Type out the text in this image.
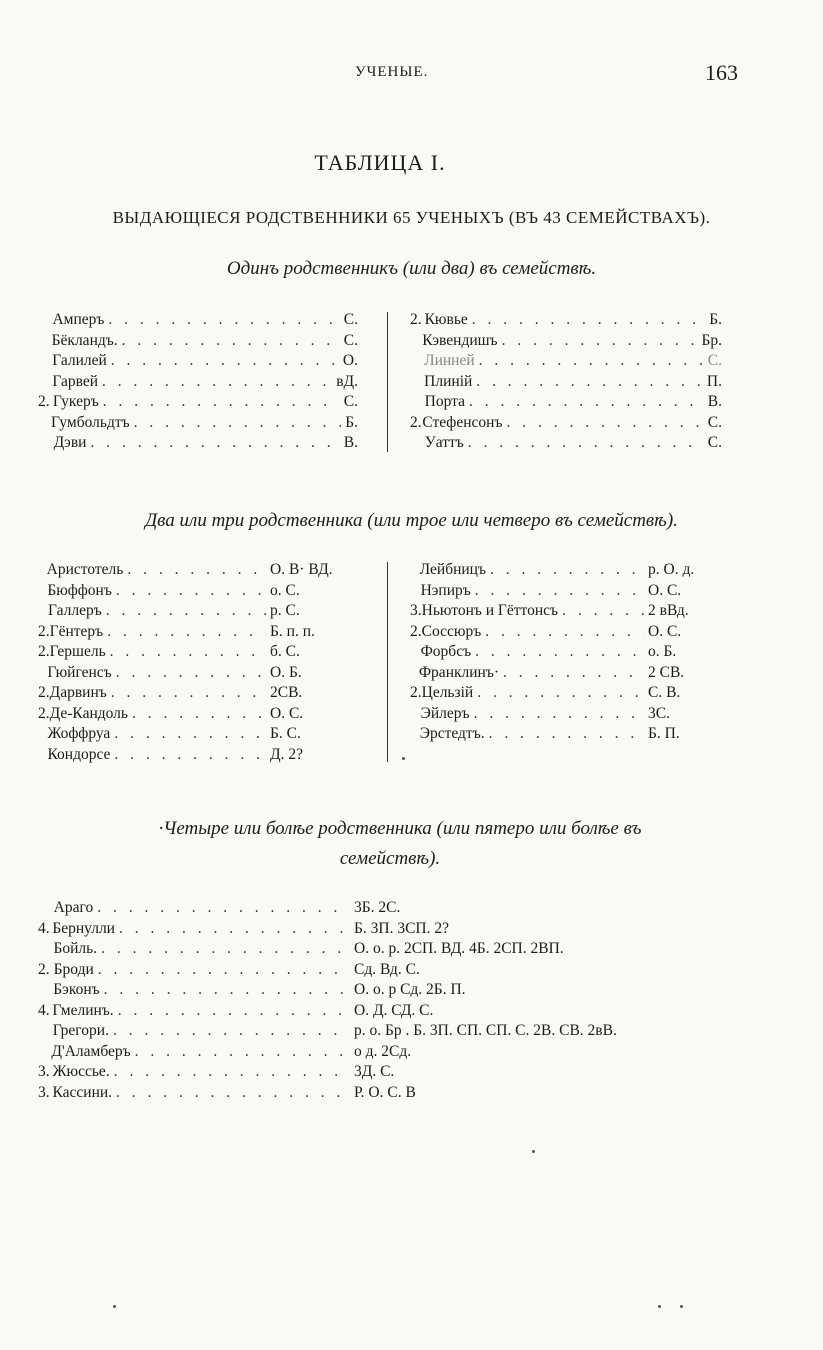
УЧЕНЫЕ.	163
ТАБЛИЦА I.
ВЫДАЮЩІЕСЯ РОДСТВЕННИКИ 65 УЧЕНЫХЪ (ВЪ 43 СЕМЕЙСТВАХЪ).
Одинъ родственникъ (или два) въ семействѣ.
Амперъ . . .	С.
Бёкландъ. . . .	С.
Галилей . . .	О.
Гарвей . . .	вД.
2. Гукеръ . . .	С.
Гумбольдтъ . . .	Б.
Дэви . . .	В.
2. Кювье . . .	Б.
Кэвендишъ . . .	Бр.
Линней . . .	С.
Плиній . . .	П.
Порта . . .	В.
2. Стефенсонъ . . .	С.
Уаттъ . . .	С.
Два или три родственника (или трое или четверо въ семействѣ).
Аристотель . . .	О. В· ВД.
Бюффонъ . . .	о. С.
Галлеръ . . .	р. С.
2. Гёнтеръ . . .	Б. п. п.
2. Гершель . . .	б. С.
Гюйгенсъ . . .	О. Б.
2. Дарвинъ . . .	2СВ.
2. Де-Кандоль . . .	О. С.
Жоффруа . . .	Б. С.
Кондорсе . . .	Д. 2?
Лейбницъ . . .	р. О. д.
Нэпиръ . . .	О. С.
3. Ньютонъ и Гёттонсъ . . .	2 вВд.
2. Соссюръ . . .	О. С.
Форбсъ . . .	о. Б.
Франклинъ· . . .	2 СВ.
2. Цельзій . . .	С. В.
Эйлеръ . . .	3С.
Эрстедтъ. . . .	Б. П.
·Четыре или болѣе родственника (или пятеро или болѣе въ
семействѣ).
Араго . . .	3Б. 2С.
4. Бернулли . . .	Б. 3П. 3СП. 2?
Бойль. . . .	О. о. р. 2СП. ВД. 4Б. 2СП. 2ВП.
2. Броди . . .	Сд. Вд. С.
Бэконъ . . .	О. о. р Сд. 2Б. П.
4. Гмелинъ. . . .	О. Д. СД. С.
Грегори. . . .	р. о. Бр . Б. 3П. СП. СП. С. 2В. СВ. 2вВ.
Д'Аламберъ . . .	о д. 2Сд.
3. Жюссье. . . .	3Д. С.
3. Кассини. . . .	Р. О. С. В
